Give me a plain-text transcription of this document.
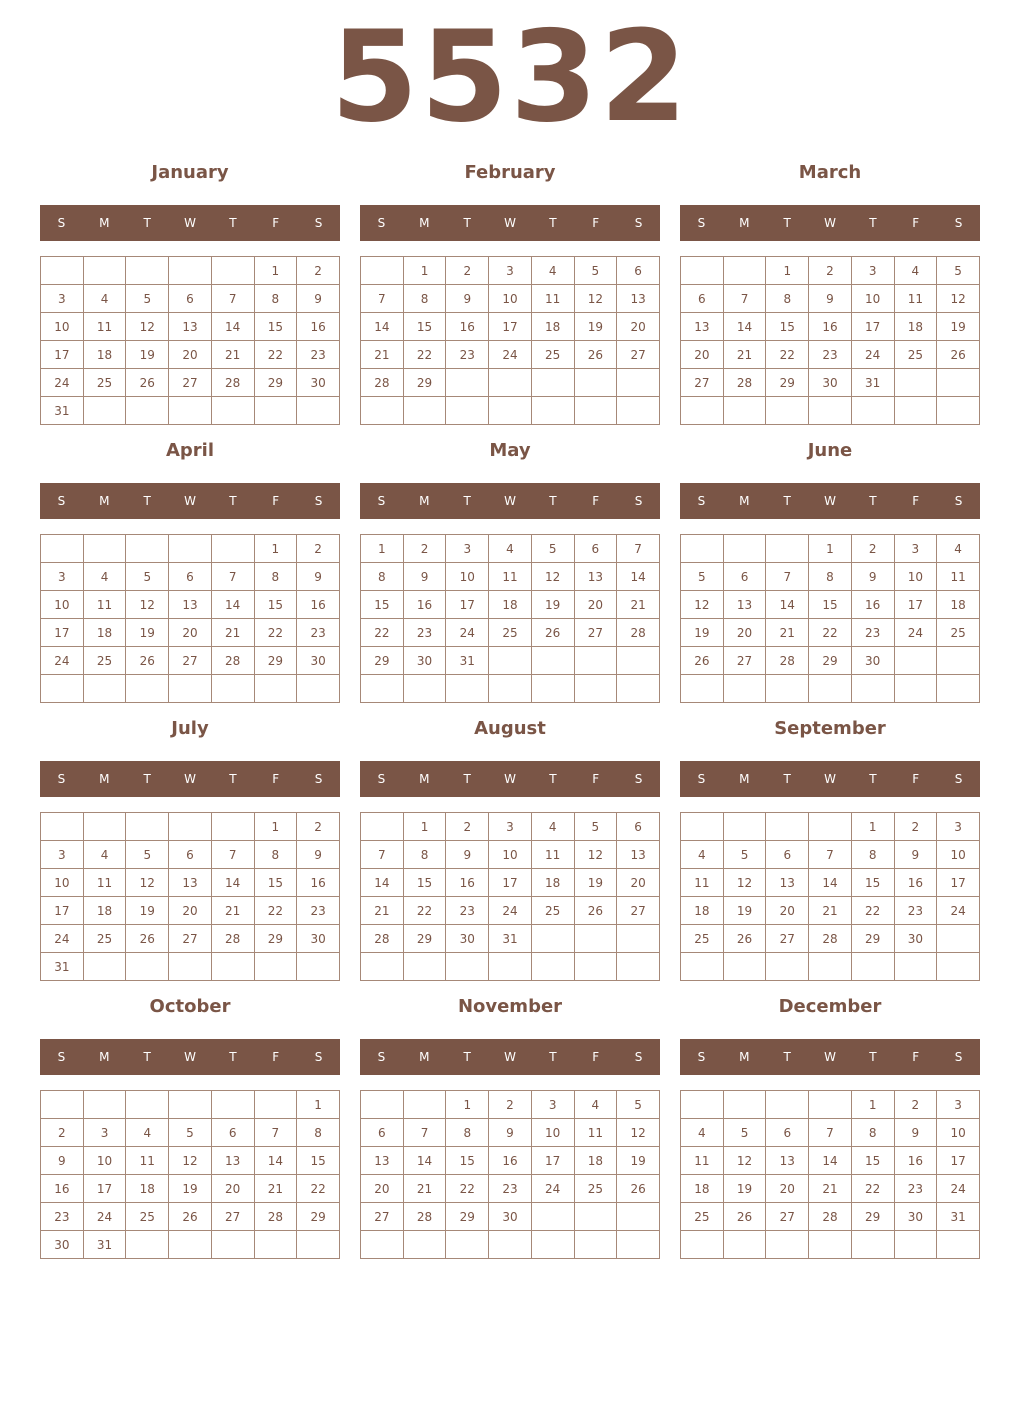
5532
January
S	M	T	W	T	F	S
					1	2
3	4	5	6	7	8	9
10	11	12	13	14	15	16
17	18	19	20	21	22	23
24	25	26	27	28	29	30
31						
February
S	M	T	W	T	F	S
	1	2	3	4	5	6
7	8	9	10	11	12	13
14	15	16	17	18	19	20
21	22	23	24	25	26	27
28	29					

March
S	M	T	W	T	F	S
		1	2	3	4	5
6	7	8	9	10	11	12
13	14	15	16	17	18	19
20	21	22	23	24	25	26
27	28	29	30	31		

April
S	M	T	W	T	F	S
					1	2
3	4	5	6	7	8	9
10	11	12	13	14	15	16
17	18	19	20	21	22	23
24	25	26	27	28	29	30

May
S	M	T	W	T	F	S
1	2	3	4	5	6	7
8	9	10	11	12	13	14
15	16	17	18	19	20	21
22	23	24	25	26	27	28
29	30	31				

June
S	M	T	W	T	F	S
			1	2	3	4
5	6	7	8	9	10	11
12	13	14	15	16	17	18
19	20	21	22	23	24	25
26	27	28	29	30		

July
S	M	T	W	T	F	S
					1	2
3	4	5	6	7	8	9
10	11	12	13	14	15	16
17	18	19	20	21	22	23
24	25	26	27	28	29	30
31						
August
S	M	T	W	T	F	S
	1	2	3	4	5	6
7	8	9	10	11	12	13
14	15	16	17	18	19	20
21	22	23	24	25	26	27
28	29	30	31			

September
S	M	T	W	T	F	S
				1	2	3
4	5	6	7	8	9	10
11	12	13	14	15	16	17
18	19	20	21	22	23	24
25	26	27	28	29	30	

October
S	M	T	W	T	F	S
						1
2	3	4	5	6	7	8
9	10	11	12	13	14	15
16	17	18	19	20	21	22
23	24	25	26	27	28	29
30	31					
November
S	M	T	W	T	F	S
		1	2	3	4	5
6	7	8	9	10	11	12
13	14	15	16	17	18	19
20	21	22	23	24	25	26
27	28	29	30			

December
S	M	T	W	T	F	S
				1	2	3
4	5	6	7	8	9	10
11	12	13	14	15	16	17
18	19	20	21	22	23	24
25	26	27	28	29	30	31
